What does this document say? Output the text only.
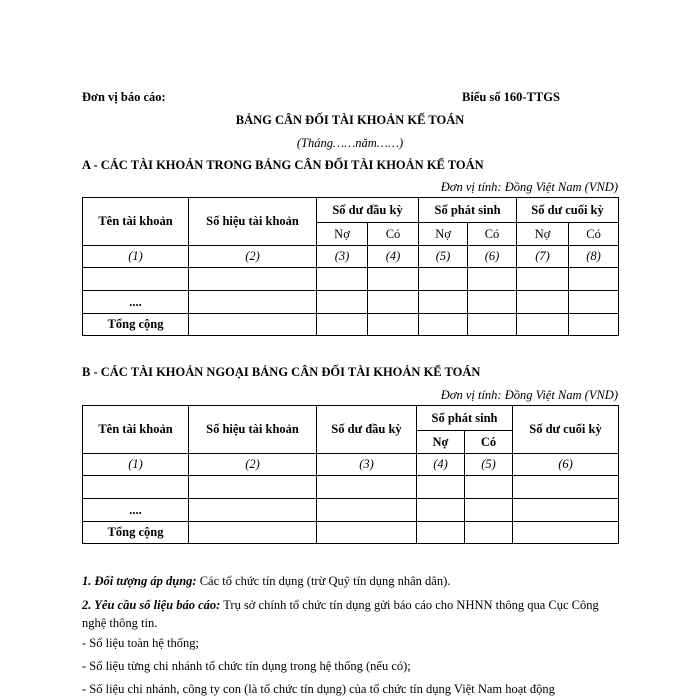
Đơn vị báo cáo:	Biểu số 160-TTGS
BẢNG CÂN ĐỐI TÀI KHOẢN KẾ TOÁN
(Tháng……năm……)
A - CÁC TÀI KHOẢN TRONG BẢNG CÂN ĐỐI TÀI KHOẢN KẾ TOÁN
Đơn vị tính: Đồng Việt Nam (VND)
Tên tài khoản	Số hiệu tài khoản	Số dư đầu kỳ		Số phát sinh		Số dư cuối kỳ	
		Nợ	Có	Nợ	Có	Nợ	Có
(1)	(2)	(3)	(4)	(5)	(6)	(7)	(8)

....							
Tổng cộng							
B - CÁC TÀI KHOẢN NGOẠI BẢNG CÂN ĐỐI TÀI KHOẢN KẾ TOÁN
Đơn vị tính: Đồng Việt Nam (VND)
Tên tài khoản	Số hiệu tài khoản	Số dư đầu kỳ	Số phát sinh		Số dư cuối kỳ
			Nợ	Có	
(1)	(2)	(3)	(4)	(5)	(6)

....					
Tổng cộng					
1. Đối tượng áp dụng: Các tổ chức tín dụng (trừ Quỹ tín dụng nhân dân).
2. Yêu cầu số liệu báo cáo: Trụ sở chính tổ chức tín dụng gửi báo cáo cho NHNN thông qua Cục Công nghệ thông tin.
- Số liệu toàn hệ thống;
- Số liệu từng chi nhánh tổ chức tín dụng trong hệ thống (nếu có);
- Số liệu chi nhánh, công ty con (là tổ chức tín dụng) của tổ chức tín dụng Việt Nam hoạt động
